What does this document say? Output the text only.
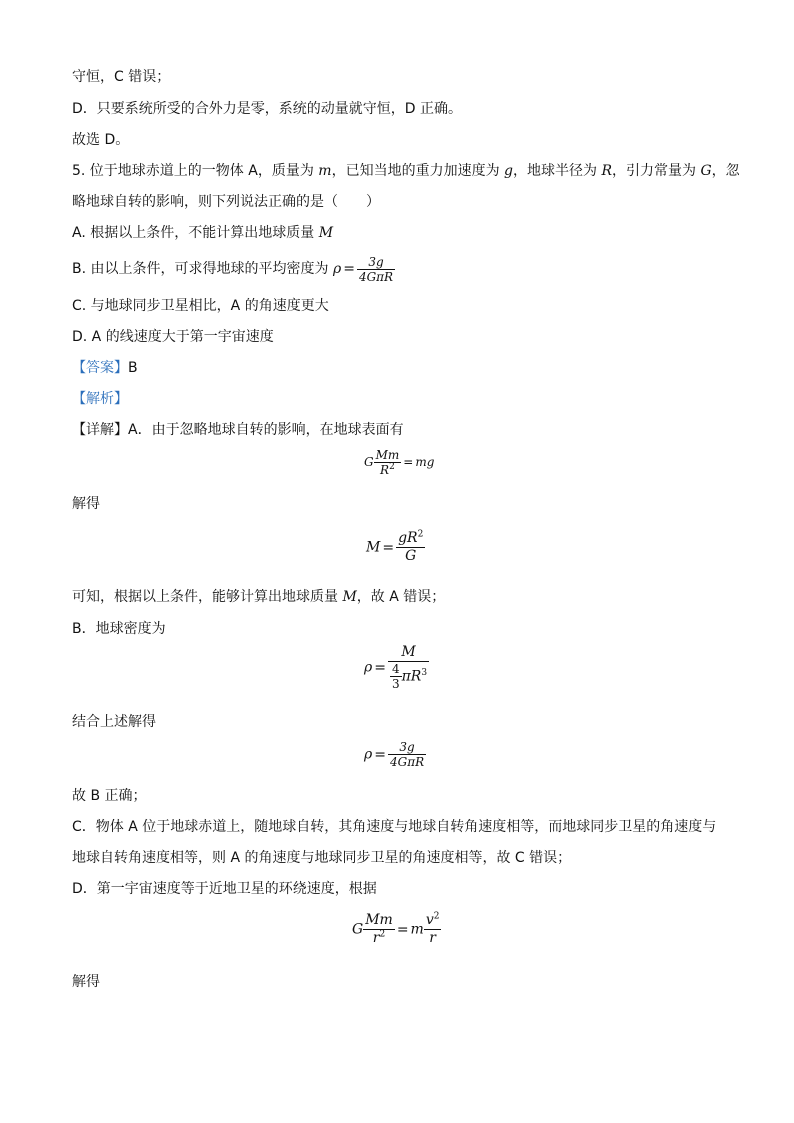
守恒，C 错误；
D．只要系统所受的合外力是零，系统的动量就守恒，D 正确。
故选 D。
5. 位于地球赤道上的一物体 A，质量为 m，已知当地的重力加速度为 g，地球半径为 R，引力常量为 G，忽
略地球自转的影响，则下列说法正确的是（　　）
A. 根据以上条件，不能计算出地球质量 M
B. 由以上条件，可求得地球的平均密度为 $\rho = \frac{3g}{\text{4GπR}}$
C. 与地球同步卫星相比，A 的角速度更大
D. A 的线速度大于第一宇宙速度
【答案】B
【解析】
【详解】A．由于忽略地球自转的影响，在地球表面有
G $\frac{Mm}{R^2}$ = mg
解得
$M = \frac{gR^2}{G}$
可知，根据以上条件，能够计算出地球质量 M，故 A 错误；
B．地球密度为
$\rho = \frac{M}{\frac{4}{3} \pi R^3}$
结合上述解得
$\rho = \frac{3g}{\text{4GπR}}$
故 B 正确；
C．物体 A 位于地球赤道上，随地球自转，其角速度与地球自转角速度相等，而地球同步卫星的角速度与
地球自转角速度相等，则 A 的角速度与地球同步卫星的角速度相等，故 C 错误；
D．第一宇宙速度等于近地卫星的环绕速度，根据
G $\frac{Mm}{r^2} = m \frac{v^2}{r}$
解得
